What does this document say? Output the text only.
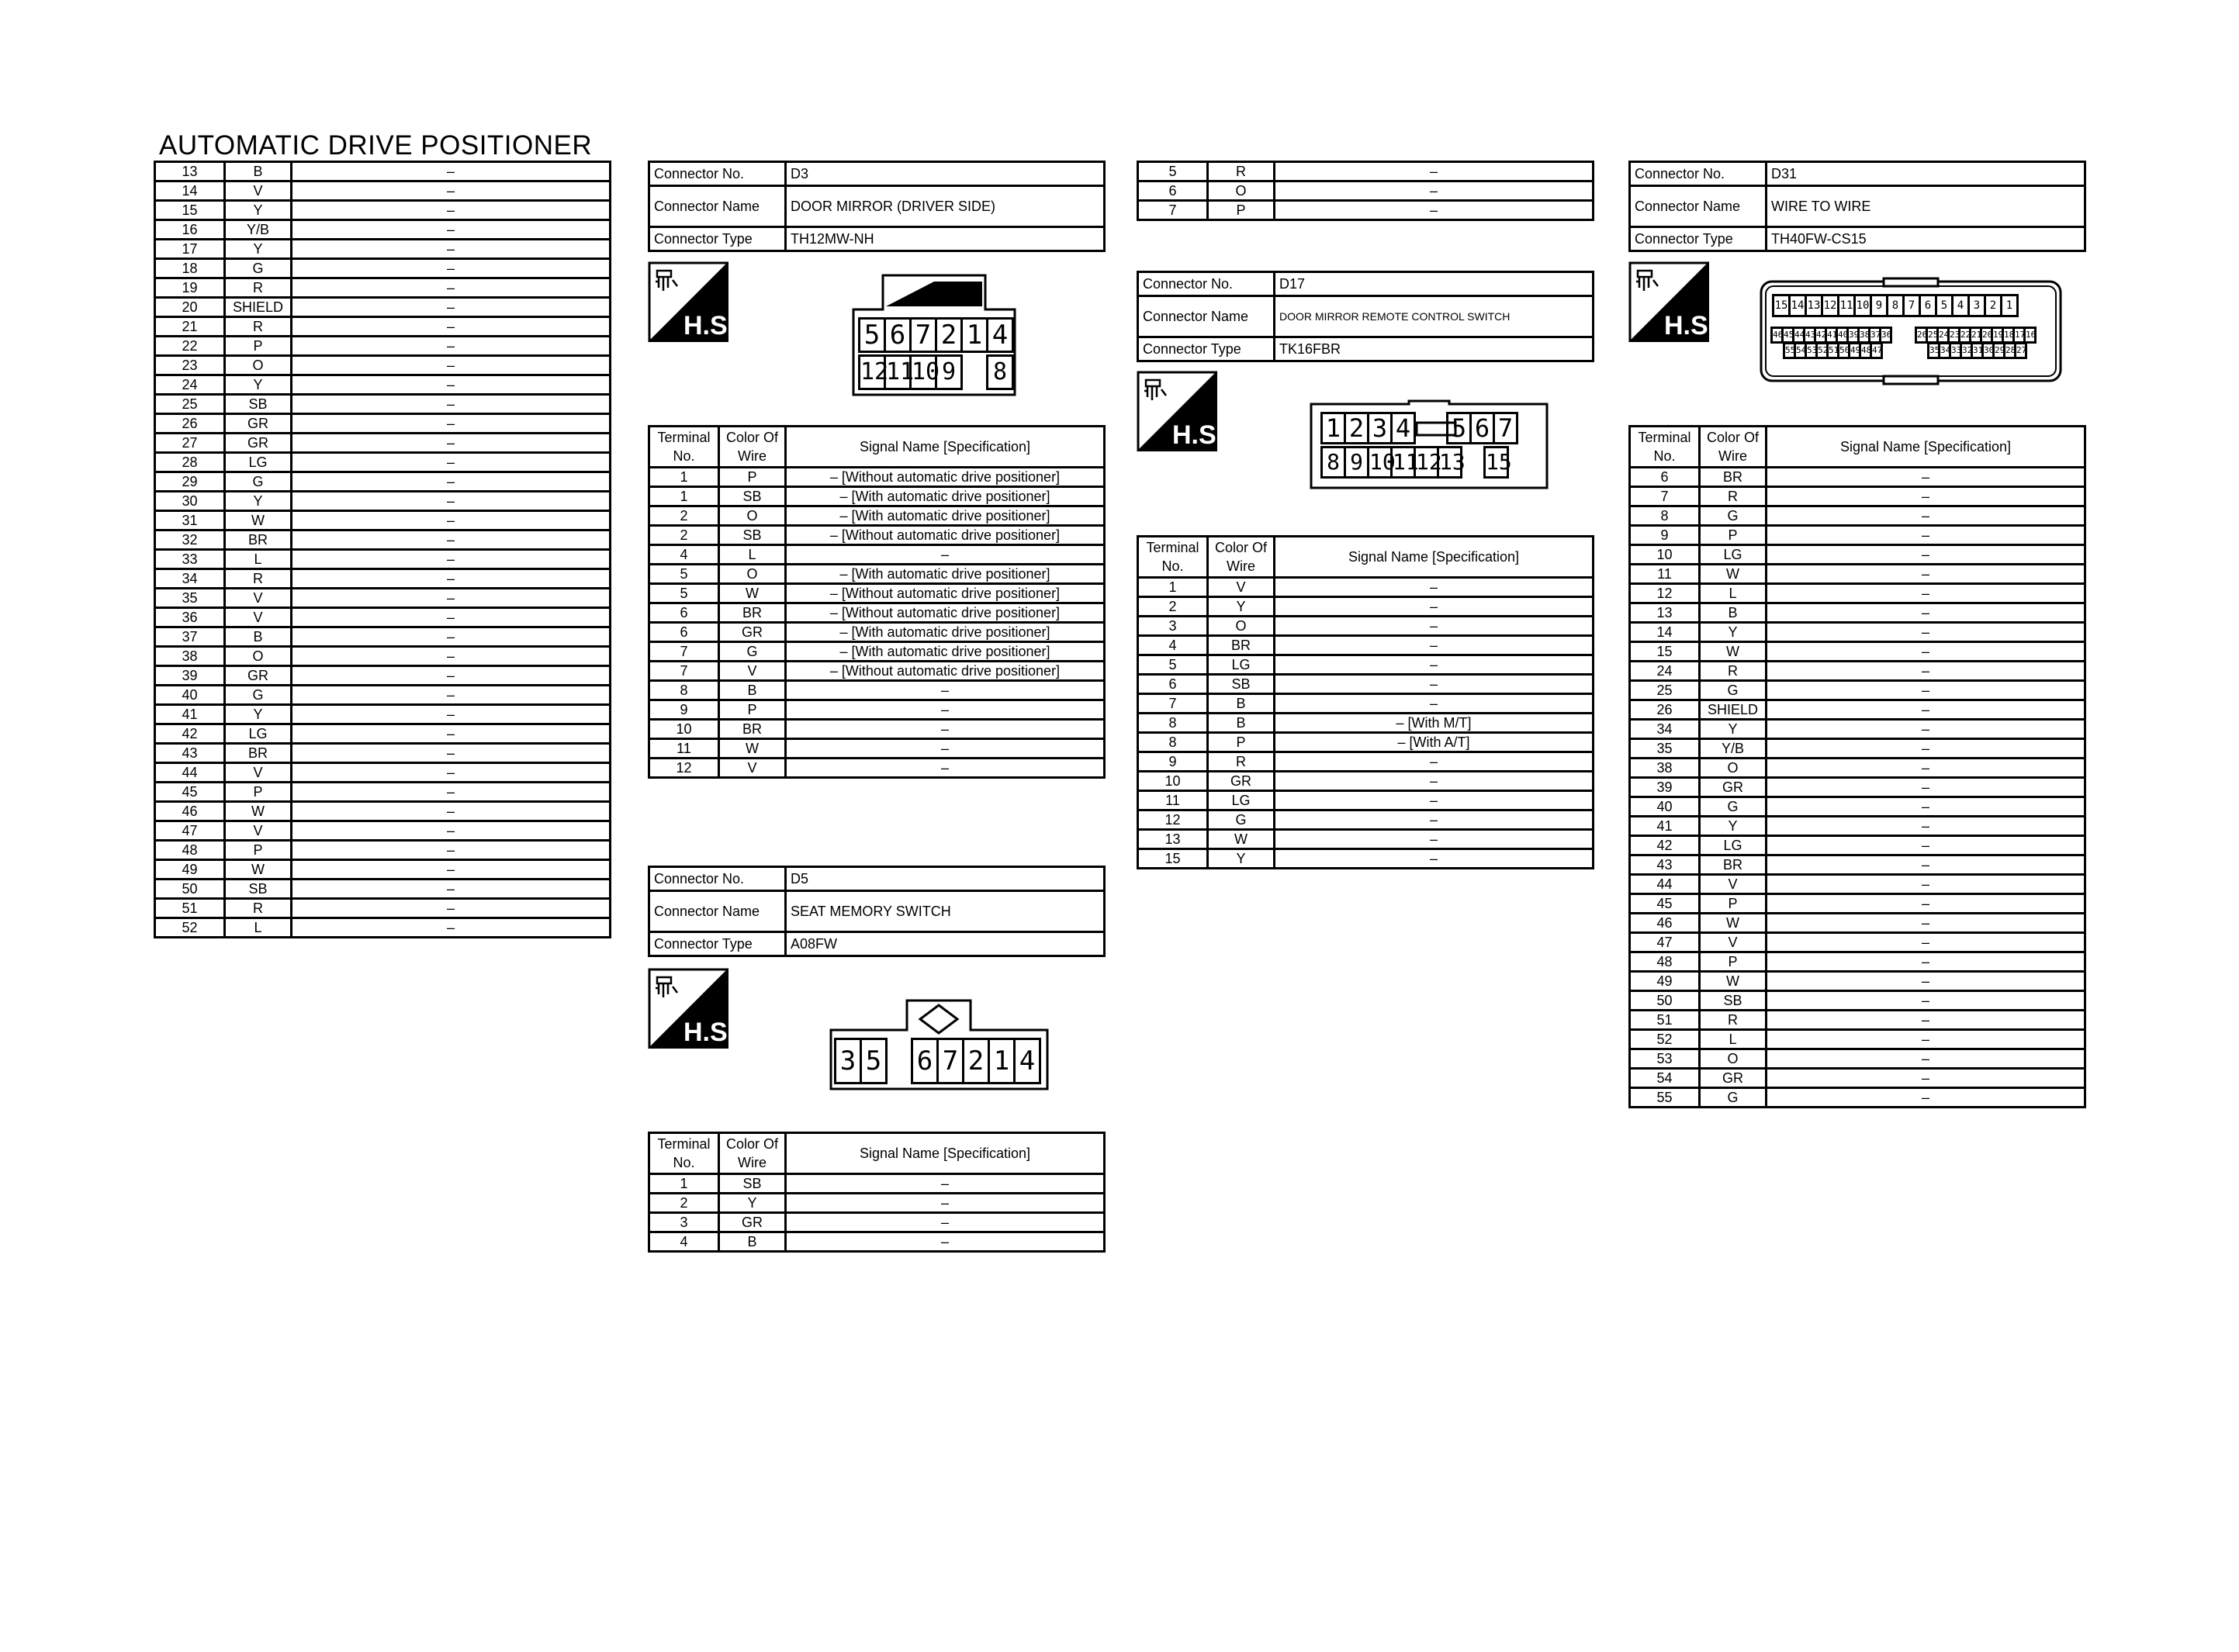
AUTOMATIC DRIVE POSITIONER
13	B	–
14	V	–
15	Y	–
16	Y/B	–
17	Y	–
18	G	–
19	R	–
20	SHIELD	–
21	R	–
22	P	–
23	O	–
24	Y	–
25	SB	–
26	GR	–
27	GR	–
28	LG	–
29	G	–
30	Y	–
31	W	–
32	BR	–
33	L	–
34	R	–
35	V	–
36	V	–
37	B	–
38	O	–
39	GR	–
40	G	–
41	Y	–
42	LG	–
43	BR	–
44	V	–
45	P	–
46	W	–
47	V	–
48	P	–
49	W	–
50	SB	–
51	R	–
52	L	–
Connector No.	D3
Connector Name	DOOR MIRROR (DRIVER SIDE)
Connector Type	TH12MW-NH
H.S.
H.S.
H.S.
H.S.
5 6 7 2 1 4
12
11
10 9 8
Terminal No.	Color Of Wire	Signal Name [Specification]
1	P	– [Without automatic drive positioner]
1	SB	– [With automatic drive positioner]
2	O	– [With automatic drive positioner]
2	SB	– [Without automatic drive positioner]
4	L	–
5	O	– [With automatic drive positioner]
5	W	– [Without automatic drive positioner]
6	BR	– [Without automatic drive positioner]
6	GR	– [With automatic drive positioner]
7	G	– [With automatic drive positioner]
7	V	– [Without automatic drive positioner]
8	B	–
9	P	–
10	BR	–
11	W	–
12	V	–
Connector No.	D5
Connector Name	SEAT MEMORY SWITCH
Connector Type	A08FW
3 5 6 7 2 1 4
Terminal No.	Color Of Wire	Signal Name [Specification]
1	SB	–
2	Y	–
3	GR	–
4	B	–
5	R	–
6	O	–
7	P	–
Connector No.	D17
Connector Name	DOOR MIRROR REMOTE CONTROL SWITCH
Connector Type	TK16FBR
1 2 3 4 5 6 7
8 9 10
11
12
13 15
Terminal No.	Color Of Wire	Signal Name [Specification]
1	V	–
2	Y	–
3	O	–
4	BR	–
5	LG	–
6	SB	–
7	B	–
8	B	– [With M/T]
8	P	– [With A/T]
9	R	–
10	GR	–
11	LG	–
12	G	–
13	W	–
15	Y	–
Connector No.	D31
Connector Name	WIRE TO WIRE
Connector Type	TH40FW-CS15
15 14 13 12 11 10 9 8 7 6 5 4 3 2 1
46 45 44 43 42 41 40 39 38 37 36	26 25 24 23 22 21 20 19 18 17 16
55 54 53 52 51 50 49 48 47	35 34 33 32 31 30 29 28 27
Terminal No.	Color Of Wire	Signal Name [Specification]
6	BR	–
7	R	–
8	G	–
9	P	–
10	LG	–
11	W	–
12	L	–
13	B	–
14	Y	–
15	W	–
24	R	–
25	G	–
26	SHIELD	–
34	Y	–
35	Y/B	–
38	O	–
39	GR	–
40	G	–
41	Y	–
42	LG	–
43	BR	–
44	V	–
45	P	–
46	W	–
47	V	–
48	P	–
49	W	–
50	SB	–
51	R	–
52	L	–
53	O	–
54	GR	–
55	G	–
